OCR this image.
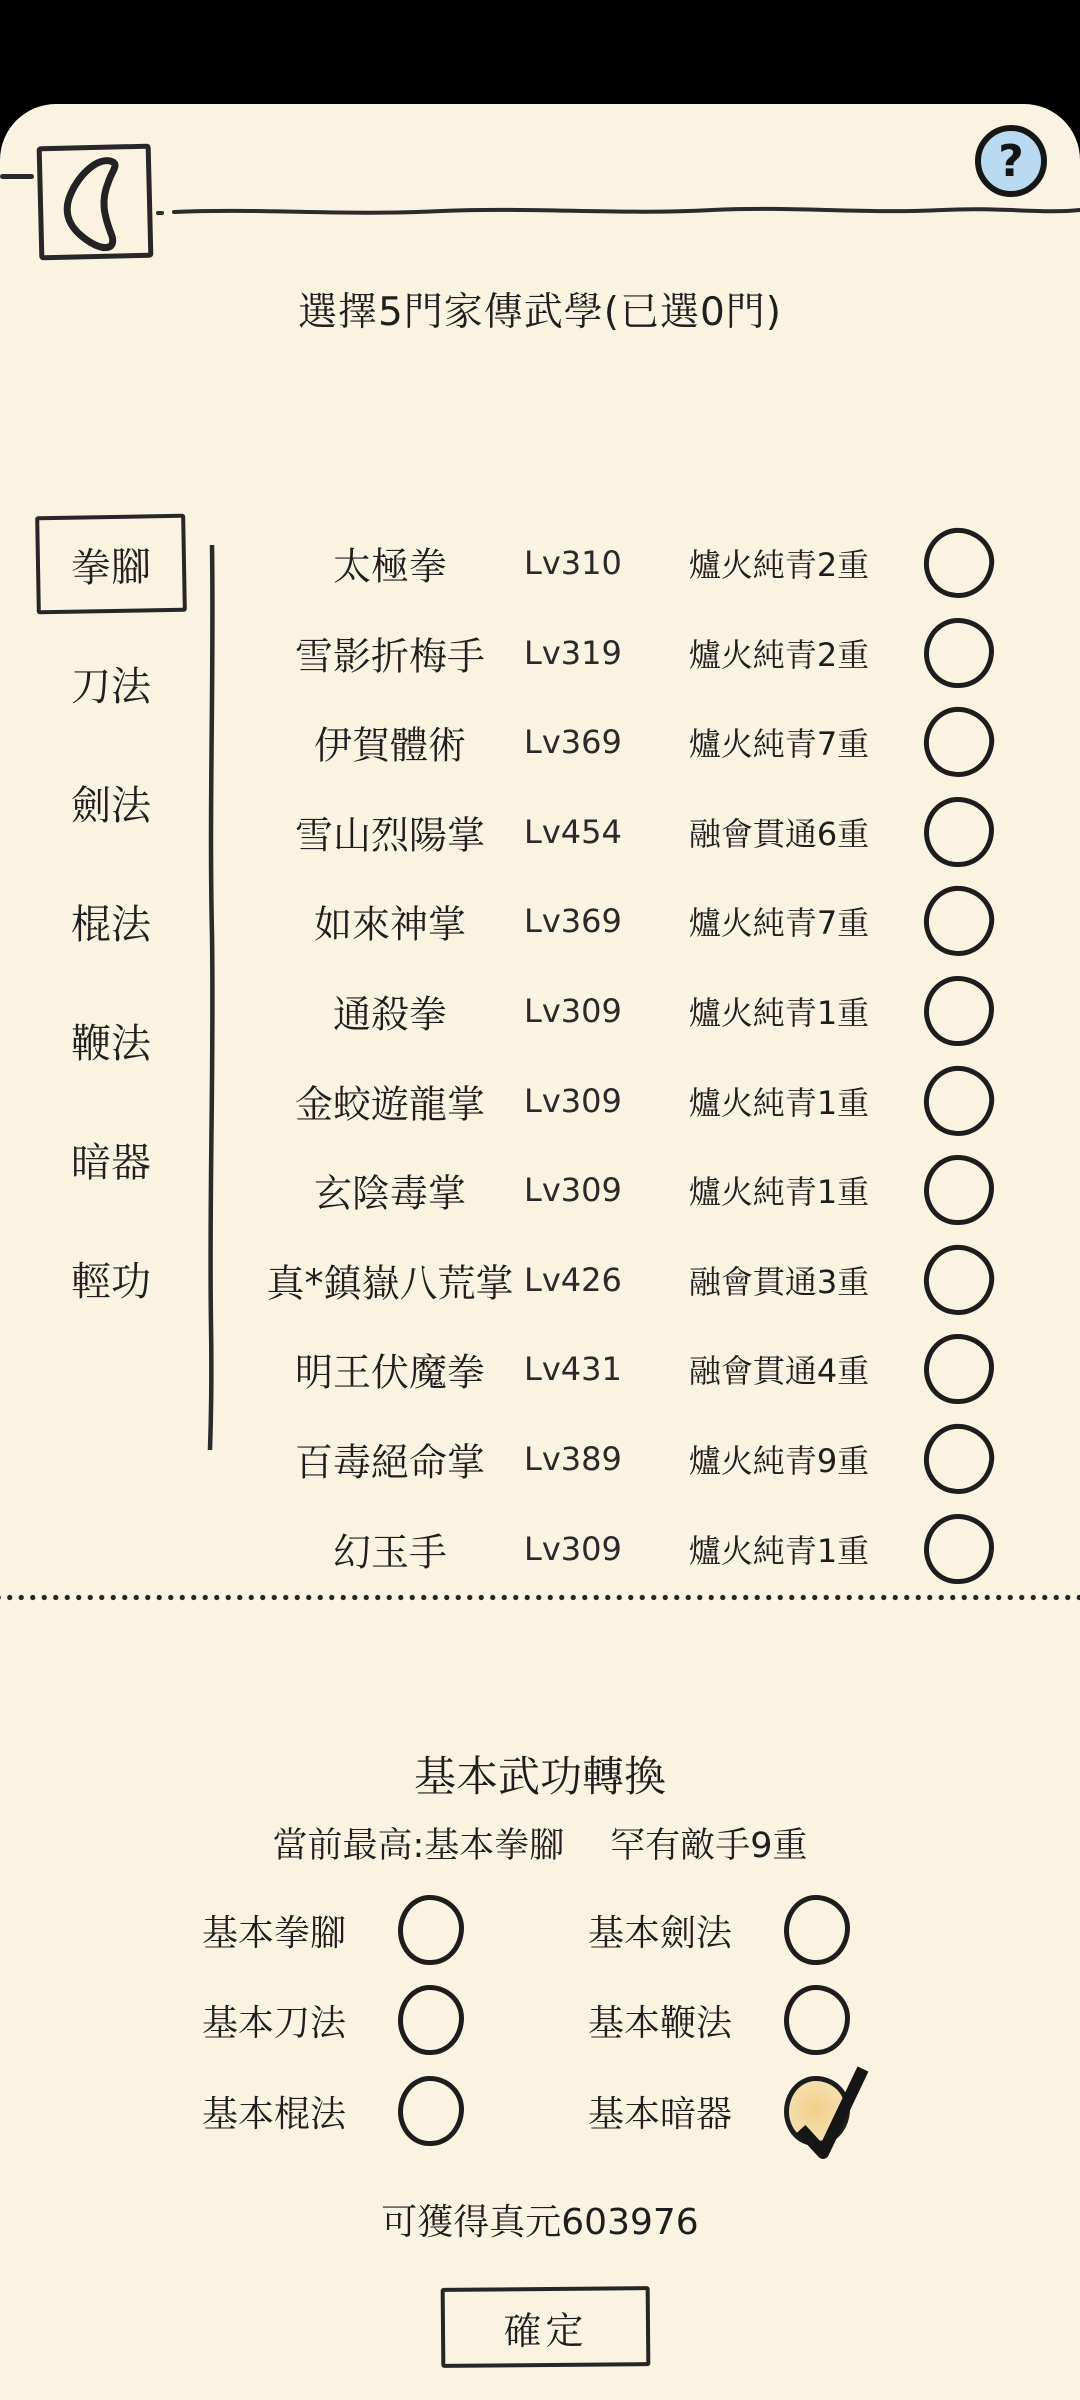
?
選擇5門家傳武學(已選0門)
拳腳
刀法
劍法
棍法
鞭法
暗器
輕功
太極拳	Lv310	爐火純青2重
雪影折梅手	Lv319	爐火純青2重
伊賀體術	Lv369	爐火純青7重
雪山烈陽掌	Lv454	融會貫通6重
如來神掌	Lv369	爐火純青7重
通殺拳	Lv309	爐火純青1重
金蛟遊龍掌	Lv309	爐火純青1重
玄陰毒掌	Lv309	爐火純青1重
真*鎮嶽八荒掌 Lv426	融會貫通3重
明王伏魔拳	Lv431	融會貫通4重
百毒絕命掌	Lv389	爐火純青9重
幻玉手	Lv309	爐火純青1重
基本武功轉換
當前最高:基本拳腳 罕有敵手9重
基本拳腳	基本劍法
基本刀法	基本鞭法
基本棍法	基本暗器
可獲得真元603976
確定
